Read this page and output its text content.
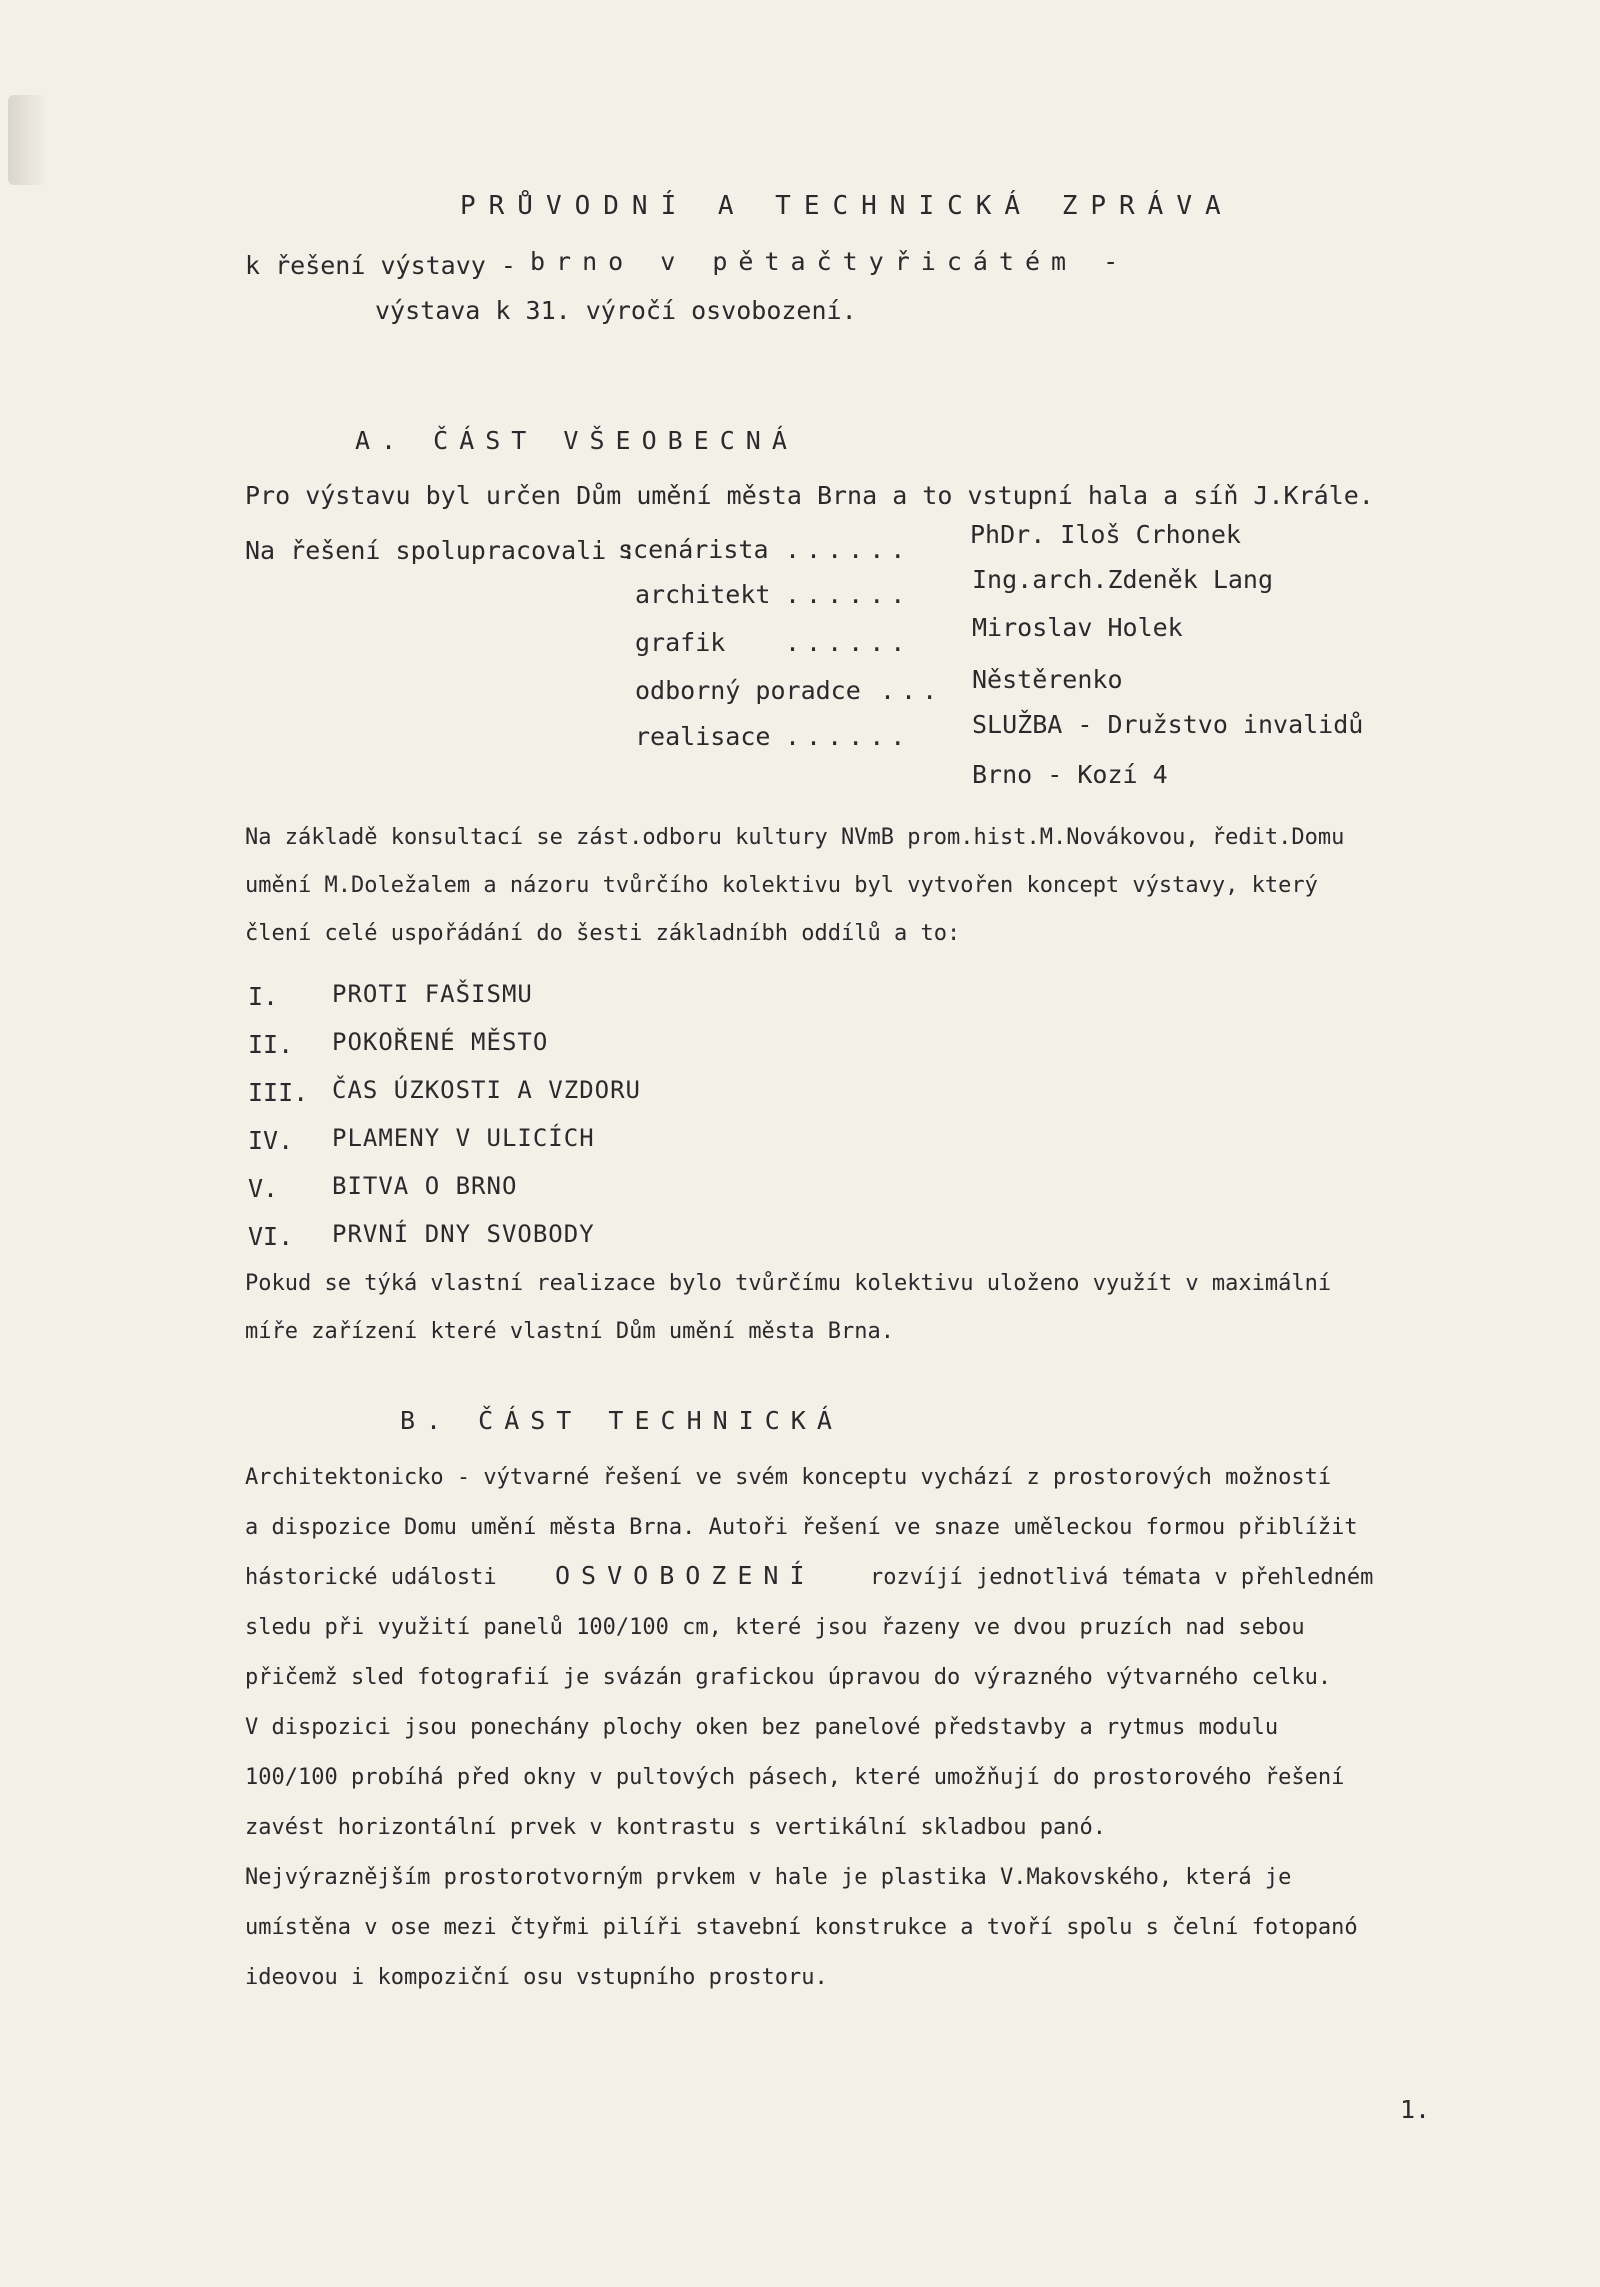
PRŮVODNÍ A TECHNICKÁ ZPRÁVA
k řešení výstavy - brno v pětačtyřicátém -
výstava k 31. výročí osvobození.
A. ČÁST VŠEOBECNÁ
Pro výstavu byl určen Dům umění města Brna a to vstupní hala a síň J.Krále.
Na řešení spolupracovali :
scenárista ......
PhDr. Iloš Crhonek
architekt ......
Ing.arch.Zdeněk Lang
grafik ......
Miroslav Holek
odborný poradce ... Něstěrenko
realisace ...... SLUŽBA - Družstvo invalidů
Brno - Kozí 4
Na základě konsultací se zást.odboru kultury NVmB prom.hist.M.Novákovou, ředit.Domu
umění M.Doležalem a názoru tvůrčího kolektivu byl vytvořen koncept výstavy, který
člení celé uspořádání do šesti základníbh oddílů a to:
I. PROTI FAŠISMU
II. POKOŘENÉ MĚSTO
III. ČAS ÚZKOSTI A VZDORU
IV. PLAMENY V ULICÍCH
V. BITVA O BRNO
VI. PRVNÍ DNY SVOBODY
Pokud se týká vlastní realizace bylo tvůrčímu kolektivu uloženo využít v maximální
míře zařízení které vlastní Dům umění města Brna.
B. ČÁST TECHNICKÁ
Architektonicko - výtvarné řešení ve svém konceptu vychází z prostorových možností
a dispozice Domu umění města Brna. Autoři řešení ve snaze uměleckou formou přiblížit
hástorické události OSVOBOZENÍ rozvíjí jednotlivá témata v přehledném
sledu při využití panelů 100/100 cm, které jsou řazeny ve dvou pruzích nad sebou
přičemž sled fotografií je svázán grafickou úpravou do výrazného výtvarného celku.
V dispozici jsou ponechány plochy oken bez panelové představby a rytmus modulu
100/100 probíhá před okny v pultových pásech, které umožňují do prostorového řešení
zavést horizontální prvek v kontrastu s vertikální skladbou panó.
Nejvýraznějším prostorotvorným prvkem v hale je plastika V.Makovského, která je
umístěna v ose mezi čtyřmi pilíři stavební konstrukce a tvoří spolu s čelní fotopanó
ideovou i kompoziční osu vstupního prostoru.
1.
